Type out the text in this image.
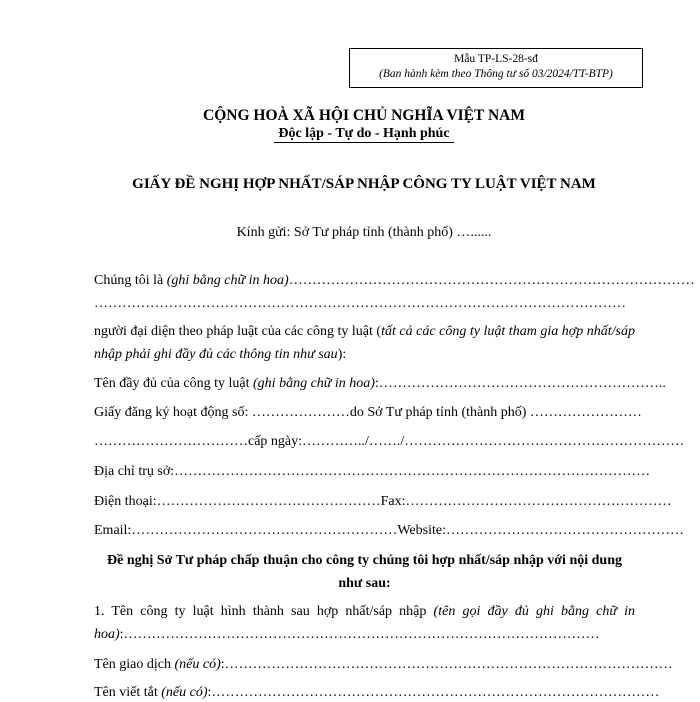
Mẫu TP-LS-28-sđ
(Ban hành kèm theo Thông tư số 03/2024/TT-BTP)
CỘNG HOÀ XÃ HỘI CHỦ NGHĨA VIỆT NAM
Độc lập - Tự do - Hạnh phúc
GIẤY ĐỀ NGHỊ HỢP NHẤT/SÁP NHẬP CÔNG TY LUẬT VIỆT NAM
Kính gửi: Sở Tư pháp tỉnh (thành phố) …......
Chúng tôi là (ghi bằng chữ in hoa)……………………………………………………………………………
……………………………………………………………………………………………………
người đại diện theo pháp luật của các công ty luật (tất cả các công ty luật tham gia hợp nhất/sáp nhập phải ghi đầy đủ các thông tin như sau):
Tên đầy đủ của công ty luật (ghi bằng chữ in hoa):……………………………………………………..
Giấy đăng ký hoạt động số: …………………do Sở Tư pháp tỉnh (thành phố) ……………………
……………………………cấp ngày:…………../……./……………………………………………………
Địa chỉ trụ sở:…………………………………………………………………………………………
Điện thoại:…………………………………………Fax:…………………………………………………
Email:…………………………………………………Website:……………………………………………
Đề nghị Sở Tư pháp chấp thuận cho công ty chúng tôi hợp nhất/sáp nhập với nội dung như sau:
1. Tên công ty luật hình thành sau hợp nhất/sáp nhập (tên gọi đầy đủ ghi bằng chữ in hoa):…………………………………………………………………………………………
Tên giao dịch (nếu có):……………………………………………………………………………………
Tên viết tắt (nếu có):……………………………………………………………………………………
